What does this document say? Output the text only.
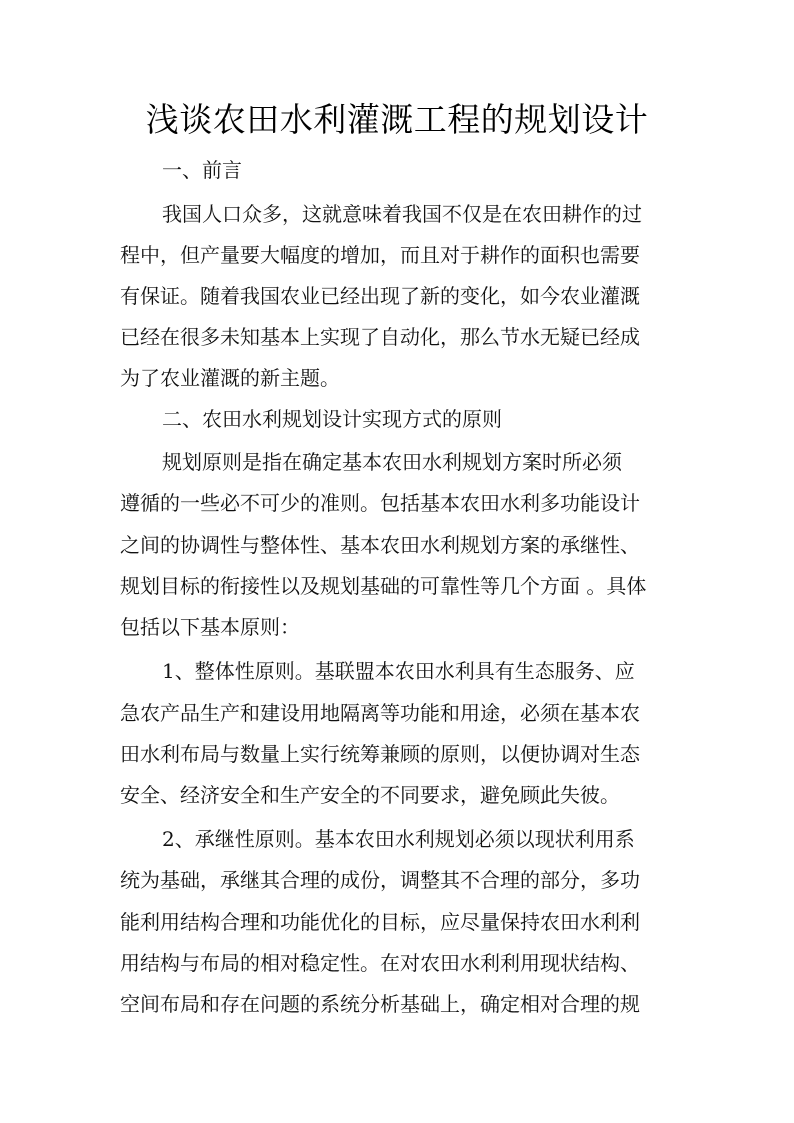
浅谈农田水利灌溉工程的规划设计
一、前言
我国人口众多，这就意味着我国不仅是在农田耕作的过
程中，但产量要大幅度的增加，而且对于耕作的面积也需要
有保证。随着我国农业已经出现了新的变化，如今农业灌溉
已经在很多未知基本上实现了自动化，那么节水无疑已经成
为了农业灌溉的新主题。
二、农田水利规划设计实现方式的原则
规划原则是指在确定基本农田水利规划方案时所必须
遵循的一些必不可少的准则。包括基本农田水利多功能设计
之间的协调性与整体性、基本农田水利规划方案的承继性、
规划目标的衔接性以及规划基础的可靠性等几个方面 。具体
包括以下基本原则：
1、整体性原则。基联盟本农田水利具有生态服务、应
急农产品生产和建设用地隔离等功能和用途，必须在基本农
田水利布局与数量上实行统筹兼顾的原则，以便协调对生态
安全、经济安全和生产安全的不同要求，避免顾此失彼。
2、承继性原则。基本农田水利规划必须以现状利用系
统为基础，承继其合理的成份，调整其不合理的部分，多功
能利用结构合理和功能优化的目标，应尽量保持农田水利利
用结构与布局的相对稳定性。在对农田水利利用现状结构、
空间布局和存在问题的系统分析基础上，确定相对合理的规
